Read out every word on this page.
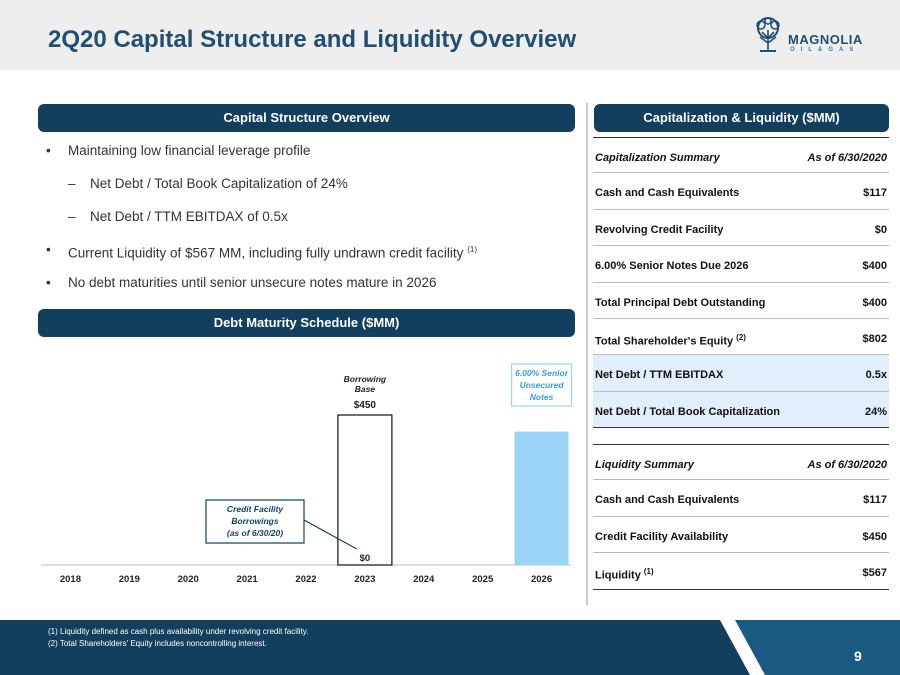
2Q20 Capital Structure and Liquidity Overview	MAGNOLIA
OIL&GAS
Capital Structure Overview
• Maintaining low financial leverage profile
‒ Net Debt / Total Book Capitalization of 24%
‒ Net Debt / TTM EBITDAX of 0.5x
• Current Liquidity of $567 MM, including fully undrawn credit facility $^{(1)}$
• No debt maturities until senior unsecure notes mature in 2026
Debt Maturity Schedule ($MM)
2018	2019	2020	2021	2022	2023	2024	2025	2026
Borrowing
Base
$450
$0
Credit Facility
Borrowings
(as of 6/30/20)
6.00% Senior
Unsecured
Notes
Capitalization & Liquidity ($MM)
Capitalization Summary	As of 6/30/2020
Cash and Cash Equivalents	$117
Revolving Credit Facility	$0
6.00% Senior Notes Due 2026	$400
Total Principal Debt Outstanding	$400
Total Shareholder's Equity $^{(2)}$	$802
Net Debt / TTM EBITDAX	0.5x
Net Debt / Total Book Capitalization	24%
Liquidity Summary	As of 6/30/2020
Cash and Cash Equivalents	$117
Credit Facility Availability	$450
Liquidity $^{(1)}$	$567
(1) Liquidity defined as cash plus availability under revolving credit facility.
(2) Total Shareholders' Equity includes noncontrolling interest.
9
